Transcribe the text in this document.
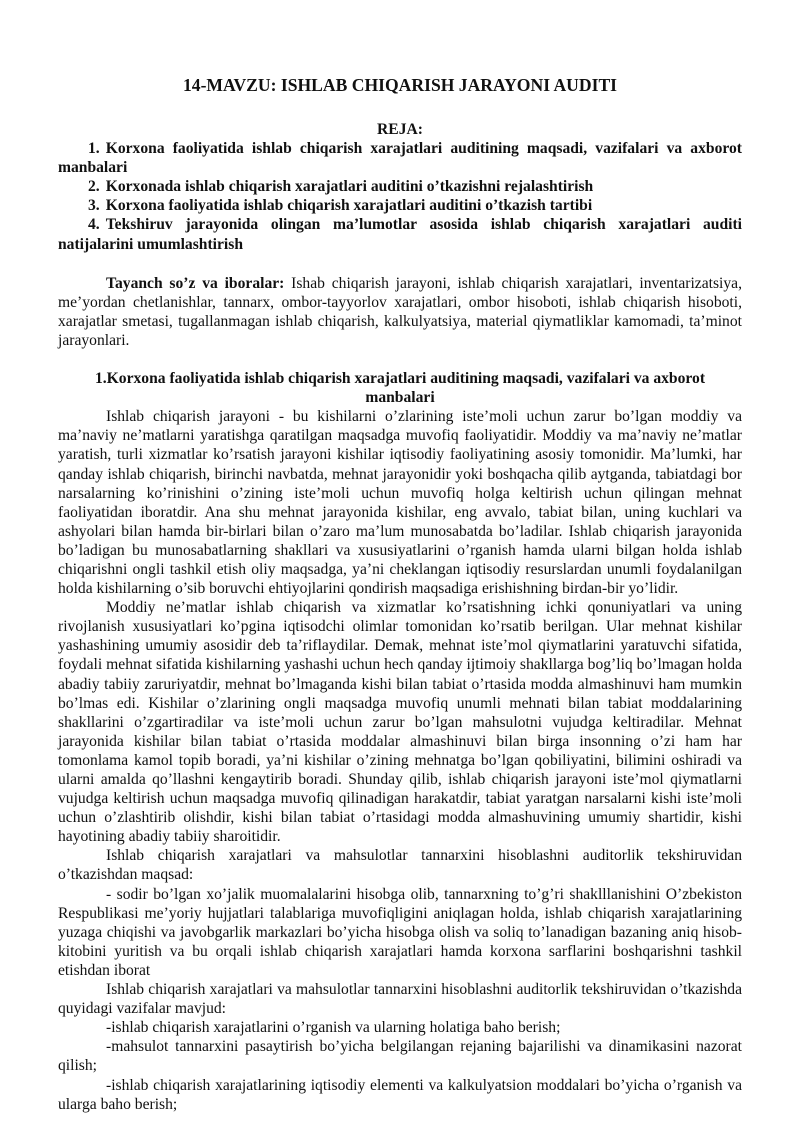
14-MAVZU: ISHLAB CHIQARISH JARAYONI AUDITI

REJA:

1. Korxona faoliyatida ishlab chiqarish xarajatlari auditining maqsadi, vazifalari va axborot manbalari

2. Korxonada ishlab chiqarish xarajatlari auditini o’tkazishni rejalashtirish

3. Korxona faoliyatida ishlab chiqarish xarajatlari auditini o’tkazish tartibi

4. Tekshiruv jarayonida olingan ma’lumotlar asosida ishlab chiqarish xarajatlari auditi natijalarini umumlashtirish

Tayanch so’z va iboralar: Ishab chiqarish jarayoni, ishlab chiqarish xarajatlari, inventarizatsiya, me’yordan chetlanishlar, tannarx, ombor-tayyorlov xarajatlari, ombor hisoboti, ishlab chiqarish hisoboti, xarajatlar smetasi, tugallanmagan ishlab chiqarish, kalkulyatsiya, material qiymatliklar kamomadi, ta’minot jarayonlari.

1.Korxona faoliyatida ishlab chiqarish xarajatlari auditining maqsadi, vazifalari va axborot manbalari

Ishlab chiqarish jarayoni - bu kishilarni o’zlarining iste’moli uchun zarur bo’lgan moddiy va ma’naviy ne’matlarni yaratishga qaratilgan maqsadga muvofiq faoliyatidir. Moddiy va ma’naviy ne’matlar yaratish, turli xizmatlar ko’rsatish jarayoni kishilar iqtisodiy faoliyatining asosiy tomonidir. Ma’lumki, har qanday ishlab chiqarish, birinchi navbatda, mehnat jarayonidir yoki boshqacha qilib aytganda, tabiatdagi bor narsalarning ko’rinishini o’zining iste’moli uchun muvofiq holga keltirish uchun qilingan mehnat faoliyatidan iboratdir. Ana shu mehnat jarayonida kishilar, eng avvalo, tabiat bilan, uning kuchlari va ashyolari bilan hamda bir-birlari bilan o’zaro ma’lum munosabatda bo’ladilar. Ishlab chiqarish jarayonida bo’ladigan bu munosabatlarning shakllari va xususiyatlarini o’rganish hamda ularni bilgan holda ishlab chiqarishni ongli tashkil etish oliy maqsadga, ya’ni cheklangan iqtisodiy resurslardan unumli foydalanilgan holda kishilarning o’sib boruvchi ehtiyojlarini qondirish maqsadiga erishishning birdan-bir yo’lidir.

Moddiy ne’matlar ishlab chiqarish va xizmatlar ko’rsatishning ichki qonuniyatlari va uning rivojlanish xususiyatlari ko’pgina iqtisodchi olimlar tomonidan ko’rsatib berilgan. Ular mehnat kishilar yashashining umumiy asosidir deb ta’riflaydilar. Demak, mehnat iste’mol qiymatlarini yaratuvchi sifatida, foydali mehnat sifatida kishilarning yashashi uchun hech qanday ijtimoiy shakllarga bog’liq bo’lmagan holda abadiy tabiiy zaruriyatdir, mehnat bo’lmaganda kishi bilan tabiat o’rtasida modda almashinuvi ham mumkin bo’lmas edi. Kishilar o’zlarining ongli maqsadga muvofiq unumli mehnati bilan tabiat moddalarining shakllarini o’zgartiradilar va iste’moli uchun zarur bo’lgan mahsulotni vujudga keltiradilar. Mehnat jarayonida kishilar bilan tabiat o’rtasida moddalar almashinuvi bilan birga insonning o’zi ham har tomonlama kamol topib boradi, ya’ni kishilar o’zining mehnatga bo’lgan qobiliyatini, bilimini oshiradi va ularni amalda qo’llashni kengaytirib boradi. Shunday qilib, ishlab chiqarish jarayoni iste’mol qiymatlarni vujudga keltirish uchun maqsadga muvofiq qilinadigan harakatdir, tabiat yaratgan narsalarni kishi iste’moli uchun o’zlashtirib olishdir, kishi bilan tabiat o’rtasidagi modda almashuvining umumiy shartidir, kishi hayotining abadiy tabiiy sharoitidir.

Ishlab chiqarish xarajatlari va mahsulotlar tannarxini hisoblashni auditorlik tekshiruvidan o’tkazishdan maqsad:

- sodir bo’lgan xo’jalik muomalalarini hisobga olib, tannarxning to’g’ri shaklllanishini O’zbekiston Respublikasi me’yoriy hujjatlari talablariga muvofiqligini aniqlagan holda, ishlab chiqarish xarajatlarining yuzaga chiqishi va javobgarlik markazlari bo’yicha hisobga olish va soliq to’lanadigan bazaning aniq hisob-kitobini yuritish va bu orqali ishlab chiqarish xarajatlari hamda korxona sarflarini boshqarishni tashkil etishdan iborat

Ishlab chiqarish xarajatlari va mahsulotlar tannarxini hisoblashni auditorlik tekshiruvidan o’tkazishda quyidagi vazifalar mavjud:

-ishlab chiqarish xarajatlarini o’rganish va ularning holatiga baho berish;

-mahsulot tannarxini pasaytirish bo’yicha belgilangan rejaning bajarilishi va dinamikasini nazorat qilish;

-ishlab chiqarish xarajatlarining iqtisodiy elementi va kalkulyatsion moddalari bo’yicha o’rganish va ularga baho berish;
